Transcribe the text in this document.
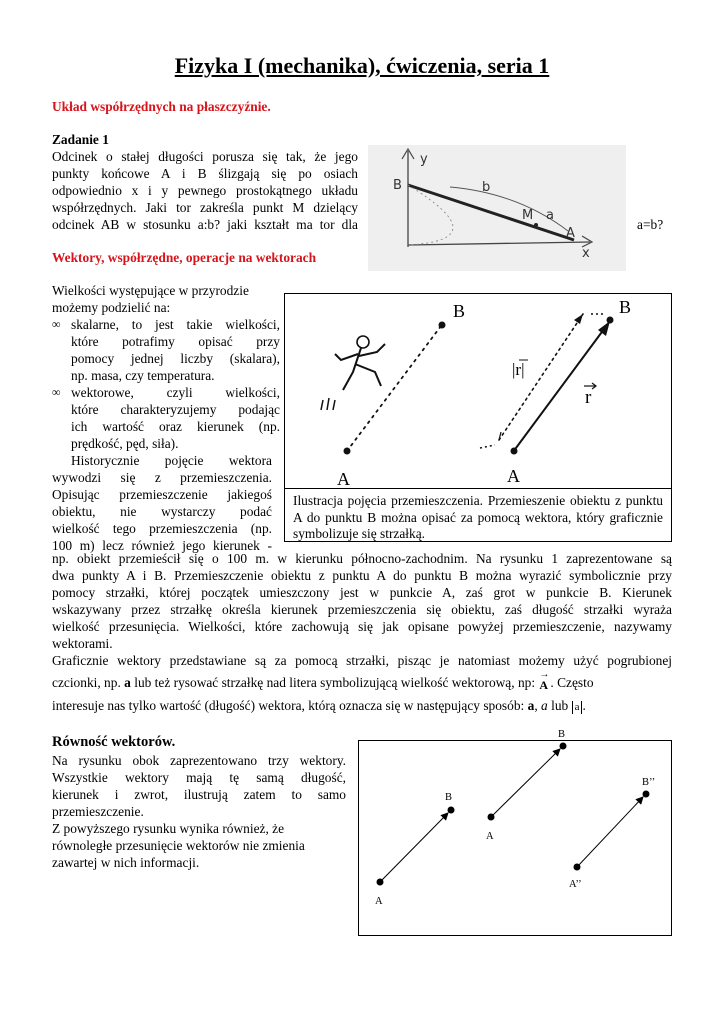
Fizyka I (mechanika), ćwiczenia, seria 1
Układ współrzędnych na płaszczyźnie.
Zadanie 1
Odcinek o stałej długości porusza się tak, że jego
punkty końcowe A i B ślizgają się po osiach
odpowiednio x i y pewnego prostokątnego układu
współrzędnych. Jaki tor zakreśla punkt M dzielący
odcinek AB w stosunku a:b? jaki kształt ma tor dla	a=b?
y
x
B	b
M a
A
Wektory, współrzędne, operacje na wektorach
Wielkości występujące w przyrodzie
możemy podzielić na:
∞ skalarne, to jest takie wielkości,
które potrafimy opisać przy
pomocy jednej liczby (skalara),
np. masa, czy temperatura.
∞ wektorowe, czyli wielkości,
które charakteryzujemy podając
ich wartość oraz kierunek (np.
prędkość, pęd, siła).
Historycznie pojęcie wektora
wywodzi się z przemieszczenia.
Opisując przemieszczenie jakiegoś
obiektu, nie wystarczy podać
wielkość tego przemieszczenia (np.
100 m) lecz również jego kierunek -
A
B
A
B
|r|
r
Ilustracja pojęcia przemieszczenia. Przemieszenie obiektu z punktu A do punktu B można opisać za pomocą wektora, który graficznie symbolizuje się strzałką.
np. obiekt przemieścił się o 100 m. w kierunku północno-zachodnim. Na rysunku 1 zaprezentowane są
dwa punkty A i B. Przemieszczenie obiektu z punktu A do punktu B można wyrazić symbolicznie przy
pomocy strzałki, której początek umieszczony jest w punkcie A, zaś grot w punkcie B. Kierunek
wskazywany przez strzałkę określa kierunek przemieszczenia się obiektu, zaś długość strzałki wyraża
wielkość przesunięcia. Wielkości, które zachowują się jak opisane powyżej przemieszczenie, nazywamy
wektorami.
Graficznie wektory przedstawiane są za pomocą strzałki, pisząc je natomiast możemy użyć pogrubionej
czcionki, np. a lub też rysować strzałkę nad litera symbolizującą wielkość wektorową, np:
→
A . Często
interesuje nas tylko wartość (długość) wektora, którą oznacza się w następujący sposób: a, a lub a .
Równość wektorów.
Na rysunku obok zaprezentowano trzy wektory.
Wszystkie wektory mają tę samą długość,
kierunek i zwrot, ilustrują zatem to samo
przemieszczenie.
Z powyższego rysunku wynika również, że
równoległe przesunięcie wektorów nie zmienia
zawartej w nich informacji.
A
B
A
A’’
B’’
B
